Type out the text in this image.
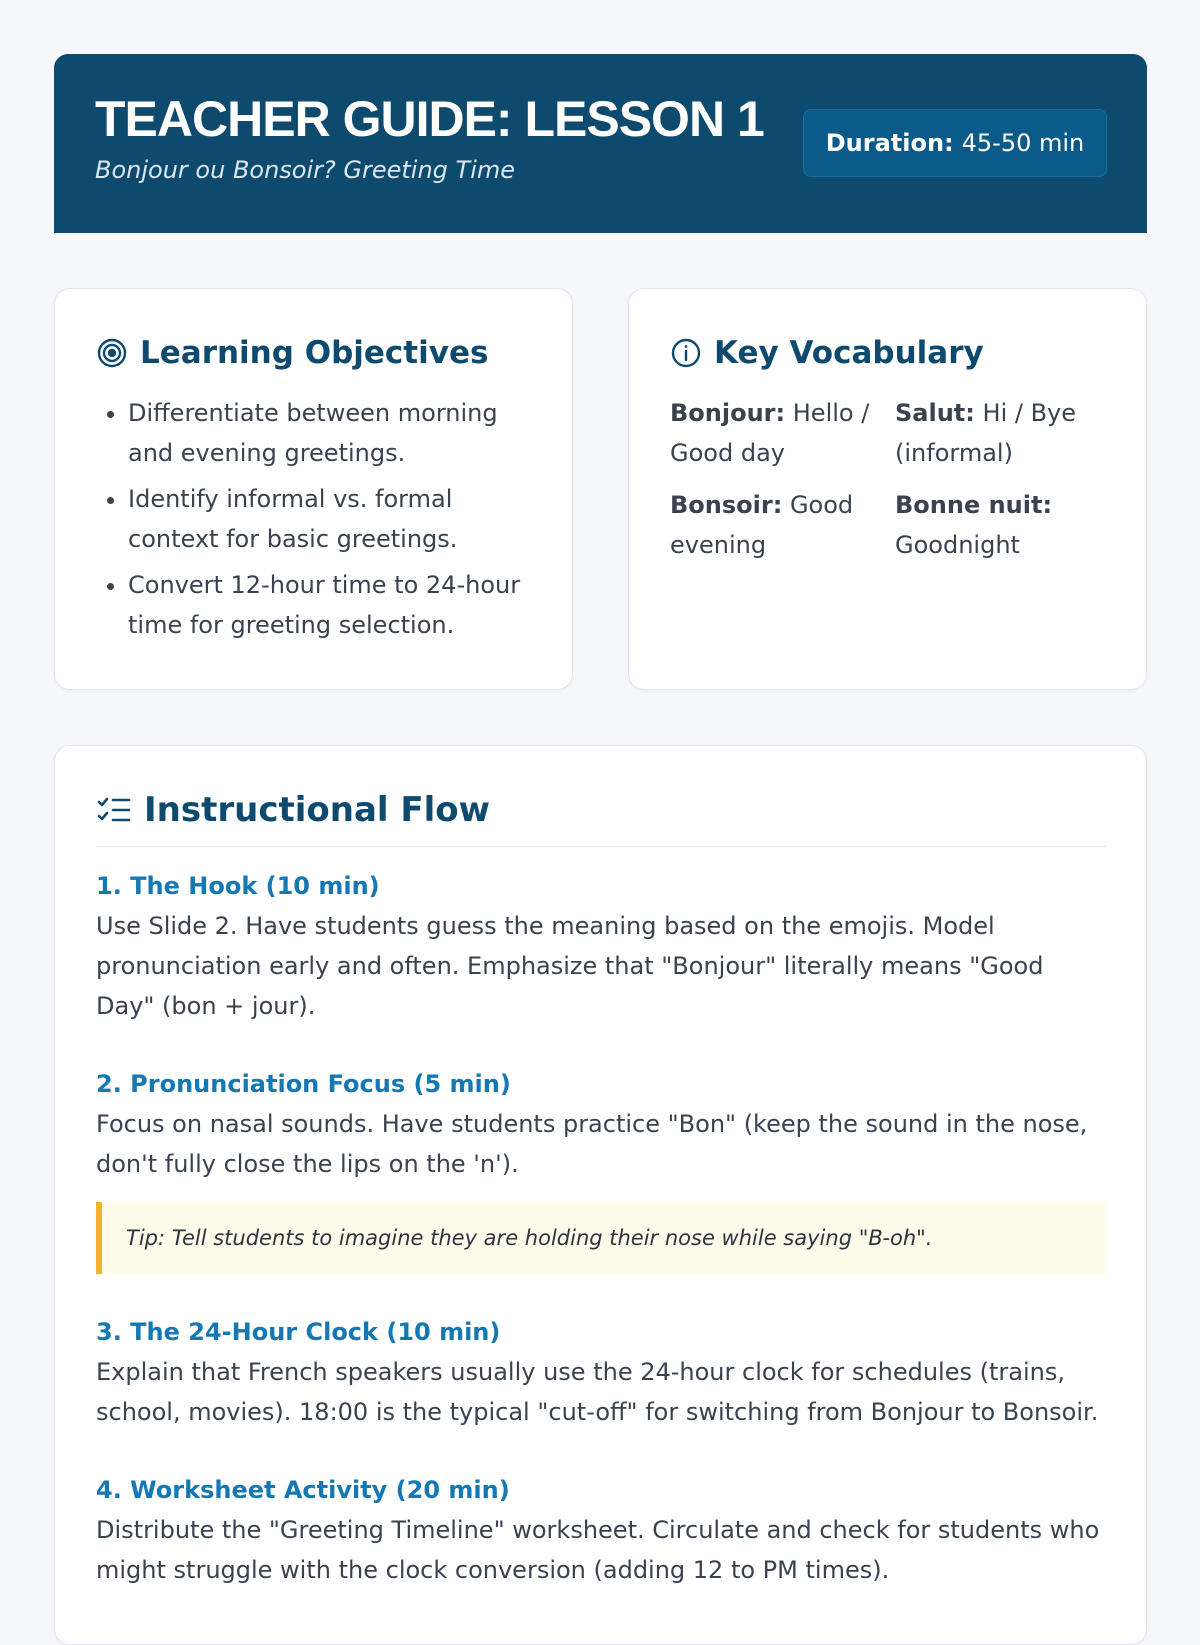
TEACHER GUIDE: LESSON 1
Bonjour ou Bonsoir? Greeting Time
Duration: 45-50 min
Learning Objectives
• Differentiate between morning and evening greetings.
• Identify informal vs. formal context for basic greetings.
• Convert 12-hour time to 24-hour time for greeting selection.
Key Vocabulary
Bonjour: Hello / Good day
Salut: Hi / Bye (informal)
Bonsoir: Good evening
Bonne nuit: Goodnight
Instructional Flow
1. The Hook (10 min)
Use Slide 2. Have students guess the meaning based on the emojis. Model pronunciation early and often. Emphasize that "Bonjour" literally means "Good Day" (bon + jour).
2. Pronunciation Focus (5 min)
Focus on nasal sounds. Have students practice "Bon" (keep the sound in the nose, don't fully close the lips on the 'n').
Tip: Tell students to imagine they are holding their nose while saying "B-oh".
3. The 24-Hour Clock (10 min)
Explain that French speakers usually use the 24-hour clock for schedules (trains, school, movies). 18:00 is the typical "cut-off" for switching from Bonjour to Bonsoir.
4. Worksheet Activity (20 min)
Distribute the "Greeting Timeline" worksheet. Circulate and check for students who might struggle with the clock conversion (adding 12 to PM times).
